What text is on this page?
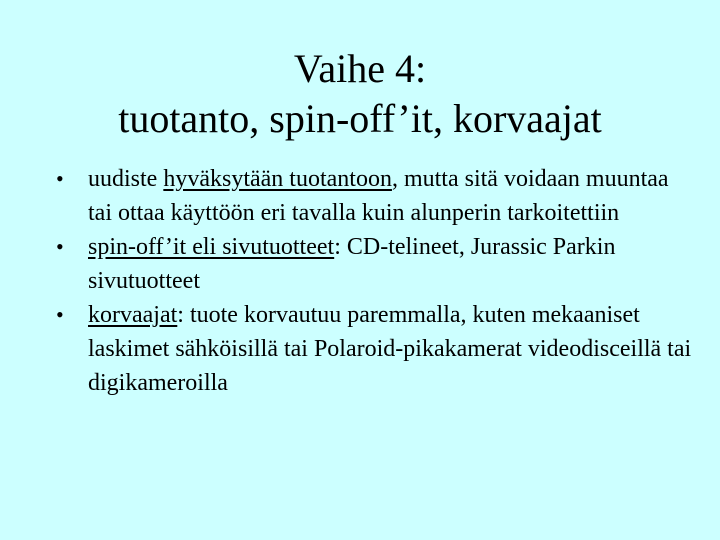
Vaihe 4:
tuotanto, spin-off’it, korvaajat
•	uudiste hyväksytään tuotantoon, mutta sitä voidaan muuntaa tai ottaa käyttöön eri tavalla kuin alunperin tarkoitettiin
•	spin-off’it eli sivutuotteet: CD-telineet, Jurassic Parkin sivutuotteet
•	korvaajat: tuote korvautuu paremmalla, kuten mekaaniset laskimet sähköisillä tai Polaroid-pikakamerat videodisceillä tai digikameroilla
